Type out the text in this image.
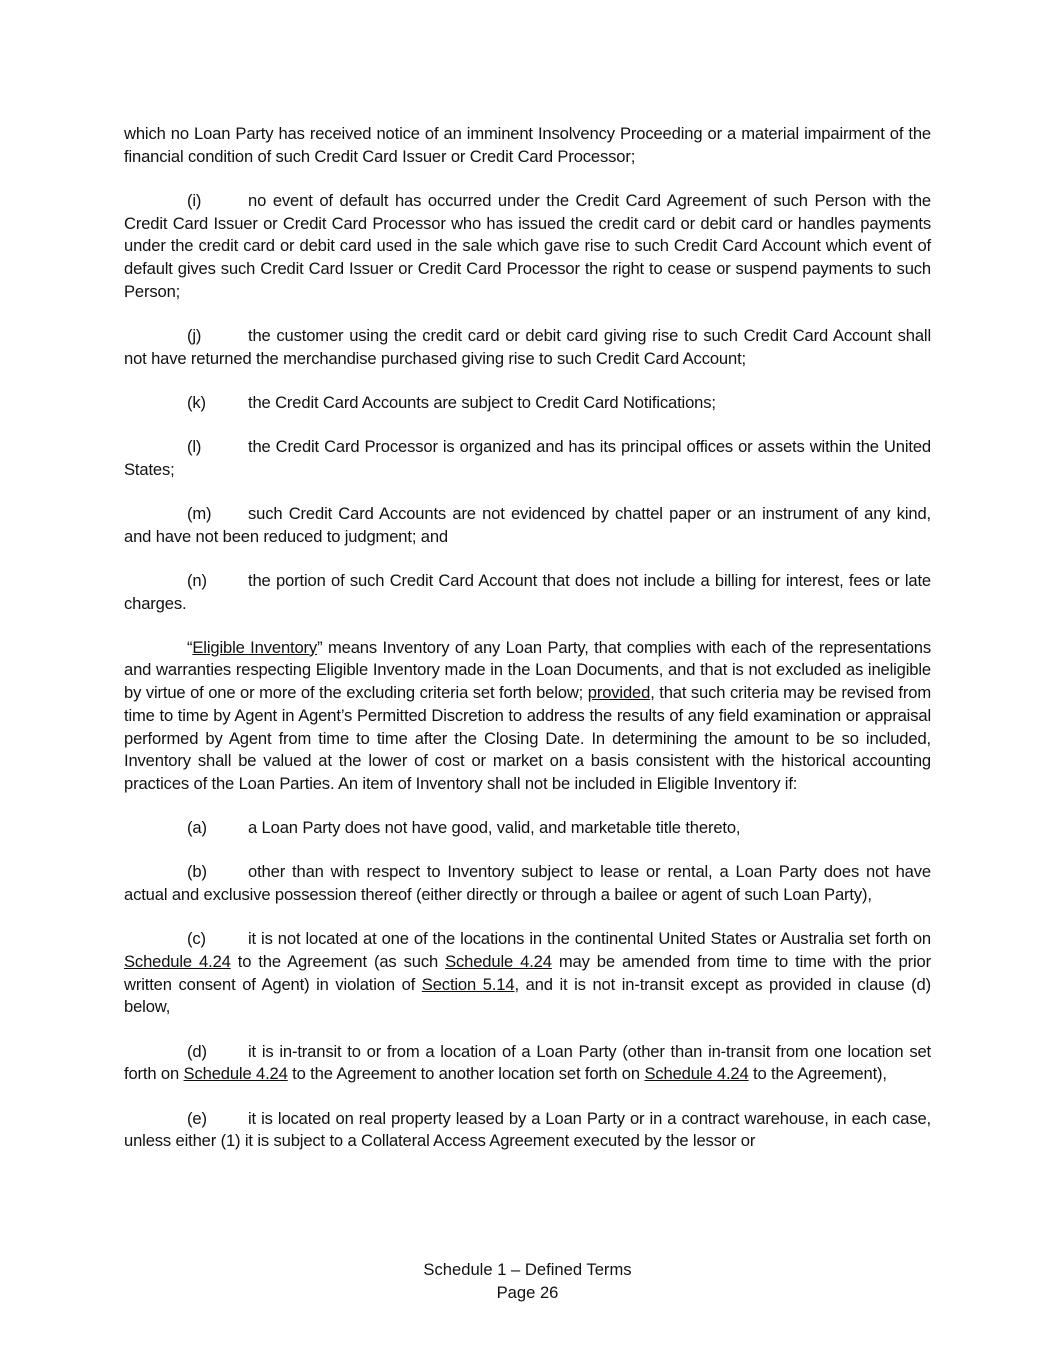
which no Loan Party has received notice of an imminent Insolvency Proceeding or a material impairment of the financial condition of such Credit Card Issuer or Credit Card Processor;

(i)	no event of default has occurred under the Credit Card Agreement of such Person with the Credit Card Issuer or Credit Card Processor who has issued the credit card or debit card or handles payments under the credit card or debit card used in the sale which gave rise to such Credit Card Account which event of default gives such Credit Card Issuer or Credit Card Processor the right to cease or suspend payments to such Person;

(j)	the customer using the credit card or debit card giving rise to such Credit Card Account shall not have returned the merchandise purchased giving rise to such Credit Card Account;

(k)	the Credit Card Accounts are subject to Credit Card Notifications;

(l)	the Credit Card Processor is organized and has its principal offices or assets within the United States;

(m) such Credit Card Accounts are not evidenced by chattel paper or an instrument of any kind, and have not been reduced to judgment; and

(n) the portion of such Credit Card Account that does not include a billing for interest, fees or late charges.

“Eligible Inventory” means Inventory of any Loan Party, that complies with each of the representations and warranties respecting Eligible Inventory made in the Loan Documents, and that is not excluded as ineligible by virtue of one or more of the excluding criteria set forth below; provided, that such criteria may be revised from time to time by Agent in Agent’s Permitted Discretion to address the results of any field examination or appraisal performed by Agent from time to time after the Closing Date. In determining the amount to be so included, Inventory shall be valued at the lower of cost or market on a basis consistent with the historical accounting practices of the Loan Parties. An item of Inventory shall not be included in Eligible Inventory if:

(a) a Loan Party does not have good, valid, and marketable title thereto,

(b) other than with respect to Inventory subject to lease or rental, a Loan Party does not have actual and exclusive possession thereof (either directly or through a bailee or agent of such Loan Party),

(c)	it is not located at one of the locations in the continental United States or Australia set forth on Schedule 4.24 to the Agreement (as such Schedule 4.24 may be amended from time to time with the prior written consent of Agent) in violation of Section 5.14, and it is not in-transit except as provided in clause (d) below,

(d) it is in-transit to or from a location of a Loan Party (other than in-transit from one location set forth on Schedule 4.24 to the Agreement to another location set forth on Schedule 4.24 to the Agreement),

(e) it is located on real property leased by a Loan Party or in a contract warehouse, in each case, unless either (1) it is subject to a Collateral Access Agreement executed by the lessor or

Schedule 1 – Defined Terms
Page 26
